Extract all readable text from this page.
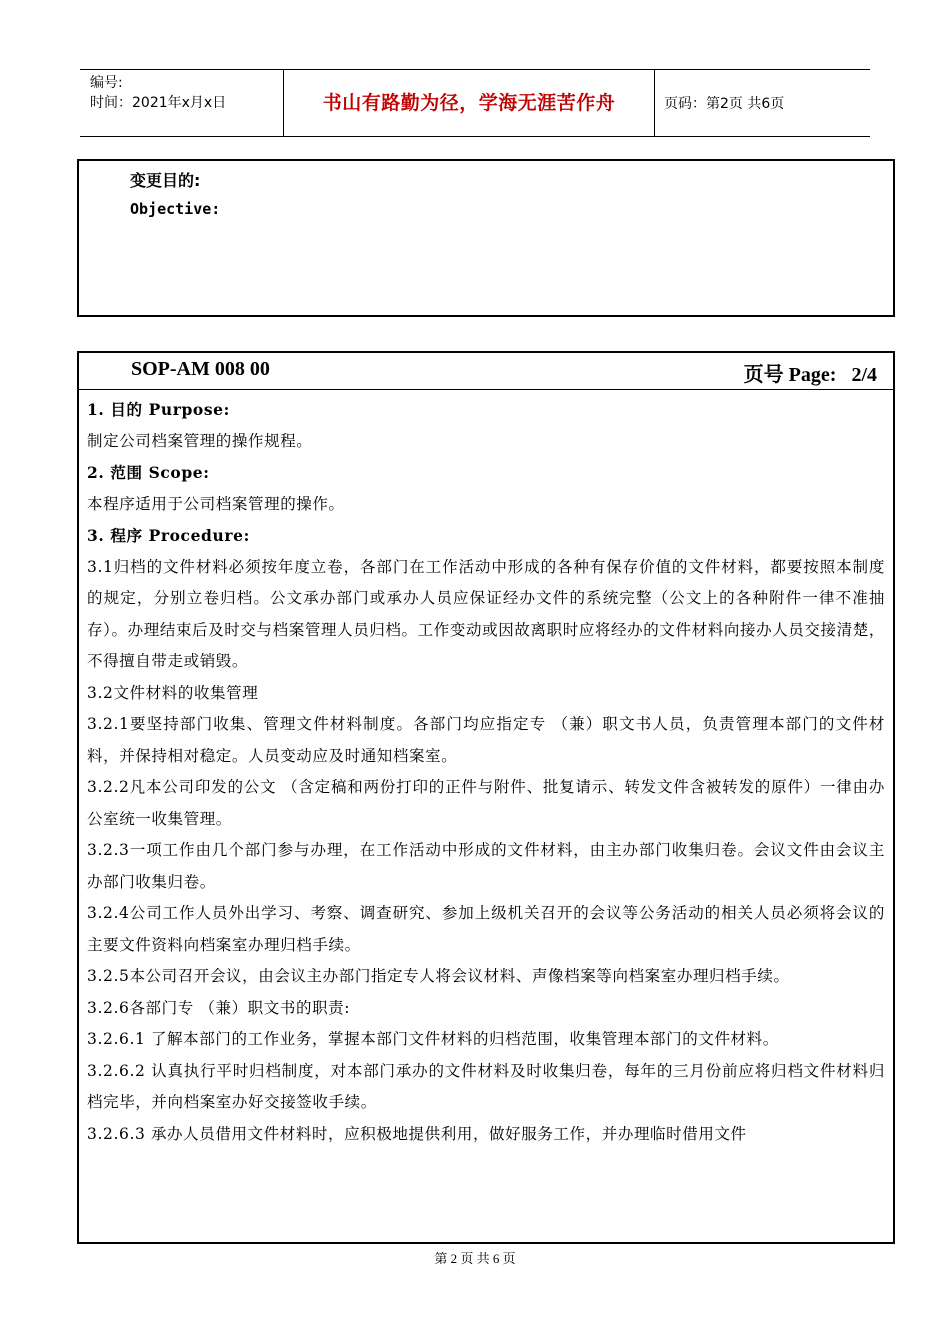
编号:
时间：2021年x月x日	书山有路勤为径，学海无涯苦作舟	页码：第2页 共6页
变更目的:
Objective:
SOP-AM 008 00	页号 Page: 2/4

1. 目的 Purpose:

制定公司档案管理的操作规程。

2. 范围 Scope:

本程序适用于公司档案管理的操作。

3. 程序 Procedure:

3.1归档的文件材料必须按年度立卷，各部门在工作活动中形成的各种有保存价值的文件材料，都要按照本制度的规定，分别立卷归档。公文承办部门或承办人员应保证经办文件的系统完整（公文上的各种附件一律不准抽存）。办理结束后及时交与档案管理人员归档。工作变动或因故离职时应将经办的文件材料向接办人员交接清楚，不得擅自带走或销毁。

3.2文件材料的收集管理

3.2.1要坚持部门收集、管理文件材料制度。各部门均应指定专 （兼）职文书人员，负责管理本部门的文件材料，并保持相对稳定。人员变动应及时通知档案室。

3.2.2凡本公司印发的公文 （含定稿和两份打印的正件与附件、批复请示、转发文件含被转发的原件）一律由办公室统一收集管理。

3.2.3一项工作由几个部门参与办理，在工作活动中形成的文件材料，由主办部门收集归卷。会议文件由会议主办部门收集归卷。

3.2.4公司工作人员外出学习、考察、调查研究、参加上级机关召开的会议等公务活动的相关人员必须将会议的主要文件资料向档案室办理归档手续。

3.2.5本公司召开会议，由会议主办部门指定专人将会议材料、声像档案等向档案室办理归档手续。

3.2.6各部门专 （兼）职文书的职责:

3.2.6.1 了解本部门的工作业务，掌握本部门文件材料的归档范围，收集管理本部门的文件材料。

3.2.6.2 认真执行平时归档制度，对本部门承办的文件材料及时收集归卷，每年的三月份前应将归档文件材料归档完毕，并向档案室办好交接签收手续。

3.2.6.3 承办人员借用文件材料时，应积极地提供利用，做好服务工作，并办理临时借用文件

第 2 页 共 6 页
